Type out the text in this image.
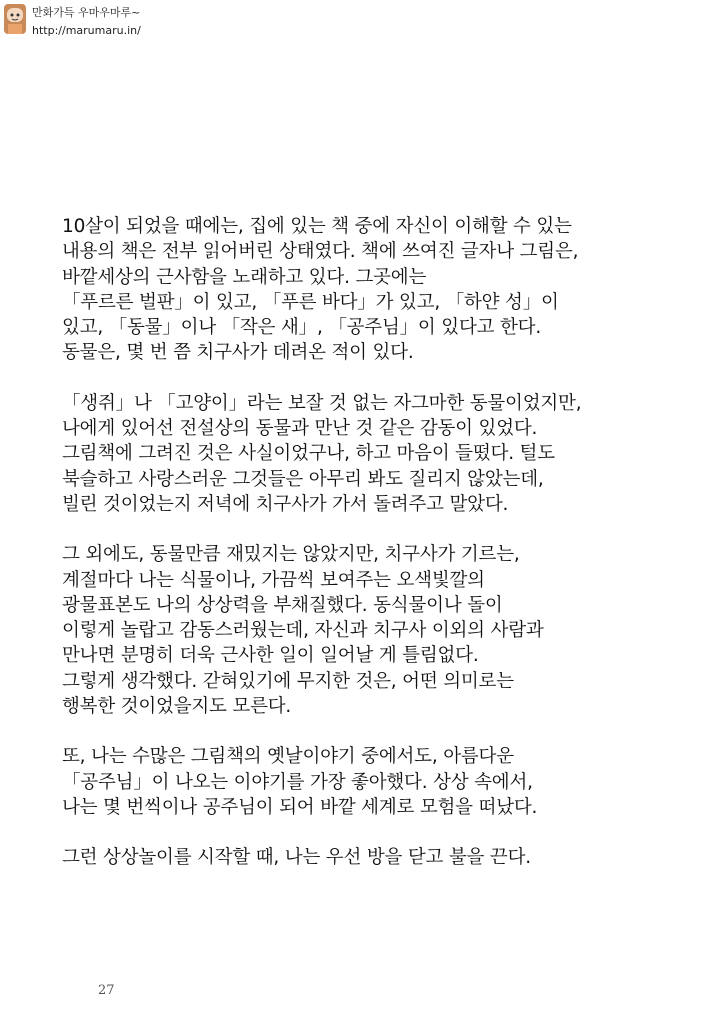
만화가득 우마우마루~
http://marumaru.in/

10살이 되었을 때에는, 집에 있는 책 중에 자신이 이해할 수 있는
내용의 책은 전부 읽어버린 상태였다. 책에 쓰여진 글자나 그림은,
바깥세상의 근사함을 노래하고 있다. 그곳에는
「푸르른 벌판」이 있고, 「푸른 바다」가 있고, 「하얀 성」이
있고, 「동물」이나 「작은 새」, 「공주님」이 있다고 한다.
동물은, 몇 번 쯤 치구사가 데려온 적이 있다.

「생쥐」나 「고양이」라는 보잘 것 없는 자그마한 동물이었지만,
나에게 있어선 전설상의 동물과 만난 것 같은 감동이 있었다.
그림책에 그려진 것은 사실이었구나, 하고 마음이 들떴다. 털도
북슬하고 사랑스러운 그것들은 아무리 봐도 질리지 않았는데,
빌린 것이었는지 저녁에 치구사가 가서 돌려주고 말았다.

그 외에도, 동물만큼 재밌지는 않았지만, 치구사가 기르는,
계절마다 나는 식물이나, 가끔씩 보여주는 오색빛깔의
광물표본도 나의 상상력을 부채질했다. 동식물이나 돌이
이렇게 놀랍고 감동스러웠는데, 자신과 치구사 이외의 사람과
만나면 분명히 더욱 근사한 일이 일어날 게 틀림없다.
그렇게 생각했다. 갇혀있기에 무지한 것은, 어떤 의미로는
행복한 것이었을지도 모른다.

또, 나는 수많은 그림책의 옛날이야기 중에서도, 아름다운
「공주님」이 나오는 이야기를 가장 좋아했다. 상상 속에서,
나는 몇 번씩이나 공주님이 되어 바깥 세계로 모험을 떠났다.

그런 상상놀이를 시작할 때, 나는 우선 방을 닫고 불을 끈다.

27
